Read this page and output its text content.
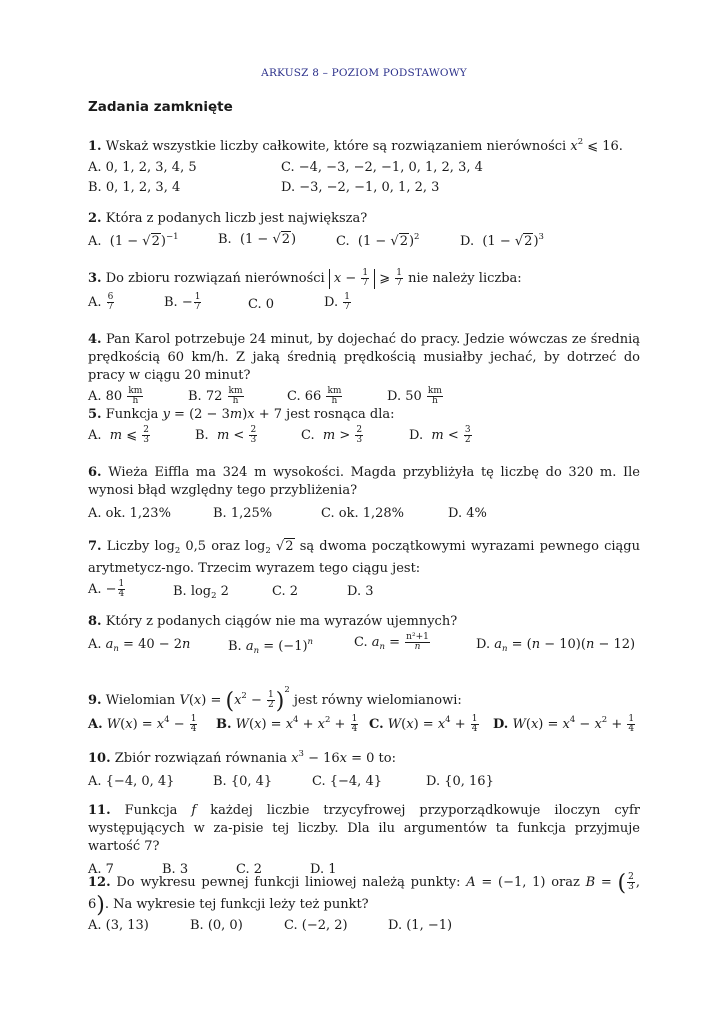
ARKUSZ 8 – POZIOM PODSTAWOWY
Zadania zamknięte
1. Wskaż wszystkie liczby całkowite, które są rozwiązaniem nierówności $x^2$ ⩽ 16.
A. 0, 1, 2, 3, 4, 5	C. −4, −3, −2, −1, 0, 1, 2, 3, 4
B. 0, 1, 2, 3, 4	D. −3, −2, −1, 0, 1, 2, 3
2. Która z podanych liczb jest największa?
A. $(1 - √2)^{-1}$	B. (1 − √2)	C. $(1 - √2)^2$	D. $(1 - √2)^3$
3. Do zbioru rozwiązań nierówności $x - \frac{1}{7}$ ⩾ $\frac{1}{7}$ nie należy liczba:
A. $\frac{6}{7}$	B. − $\frac{1}{7}$	C. 0	D. $\frac{1}{7}$
4. Pan Karol potrzebuje 24 minut, by dojechać do pracy. Jedzie wówczas ze średnią prędkością 60 km/h. Z jaką średnią prędkością musiałby jechać, by dotrzeć do pracy w ciągu 20 minut?
A. $80 \frac{km}{h}$	B. $72 \frac{km}{h}$	C. $66 \frac{km}{h}$	D. $50 \frac{km}{h}$
5. Funkcja y = (2 − 3m)x + 7 jest rosnąca dla:
A. m ⩽ $\frac{2}{3}$	B. $m < \frac{2}{3}$	C. $m > \frac{2}{3}$	D. $m < \frac{3}{2}$
6. Wieża Eiffla ma 324 m wysokości. Magda przybliżyła tę liczbę do 320 m. Ile wynosi błąd względny tego przybliżenia?
A. ok. 1,23%	B. 1,25%	C. ok. 1,28%	D. 4%
7. Liczby $\log_2 0,5$ oraz $\log_2 √2$ są dwoma początkowymi wyrazami pewnego ciągu arytmetycz-ngo. Trzecim wyrazem tego ciągu jest:
A. − $\frac{1}{4}$	B. $\log_2 2$	C. 2	D. 3
8. Który z podanych ciągów nie ma wyrazów ujemnych?
A. $a_n = 40 - 2n$	B. $a_n = (-1)^n$	C. $a_n = \frac{\text{n²+1}}{n}$	D. $a_n = (n - 10)(n - 12)$
9. Wielomian $V(x) = (x^2 - \frac{1}{2} )^2$ jest równy wielomianowi:
A. $W(x) = x^4 - \frac{1}{4} B$. $W(x) = x^4 + x^2 + \frac{1}{4} C$. $W(x) = x^4 + \frac{1}{4} D$. $W(x) = x^4 - x^2 + \frac{1}{4}$
10. Zbiór rozwiązań równania $x^3 - 16x = 0$ to:
A. {−4, 0, 4}	B. {0, 4}	C. {−4, 4}	D. {0, 16}
11. Funkcja f każdej liczbie trzycyfrowej przyporządkowuje iloczyn cyfr występujących w za-pisie tej liczby. Dla ilu argumentów ta funkcja przyjmuje wartość 7?
A. 7	B. 3	C. 2	D. 1
12. Do wykresu pewnej funkcji liniowej należą punkty: A = (−1, 1) oraz B = ( $\frac{2}{3}$ , 6). Na wykresie tej funkcji leży też punkt?
A. (3, 13)	B. (0, 0)	C. (−2, 2)	D. (1, −1)
